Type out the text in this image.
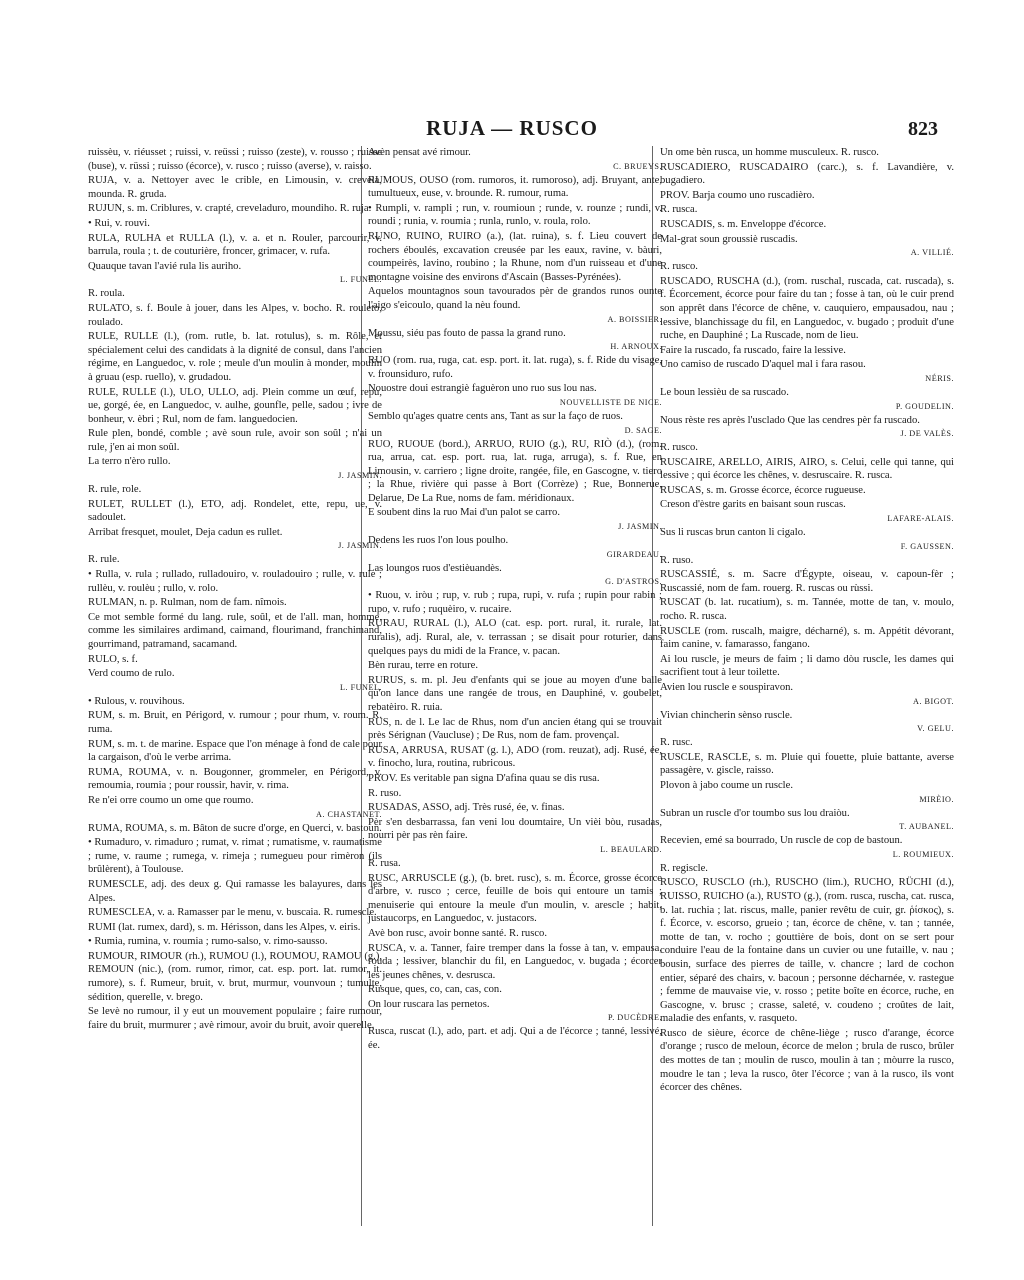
RUJA — RUSCO	823

ruissèu, v. riéusset ; ruissi, v. reüssi ; ruisso (zeste), v. rousso ; ruisse (buse), v. rüssi ; ruisso (écorce), v. rusco ; ruisso (averse), v. raisso.

RUJA, v. a. Nettoyer avec le crible, en Limousin, v. crevela, mounda. R. gruda.

RUJUN, s. m. Criblures, v. crapté, creveladuro, moundiho. R. ruja.

• Rui, v. rouvi.

RULA, RULHA et RULLA (l.), v. a. et n. Rouler, parcourir, v. barrula, roula ; t. de couturière, froncer, grimacer, v. rufa.

Quauque tavan l'avié rula lis auriho.

L. FUNEL.

R. roula.

RULATO, s. f. Boule à jouer, dans les Alpes, v. bocho. R. rouleto, roulado.

RULE, RULLE (l.), (rom. rutle, b. lat. rotulus), s. m. Rôle, et spécialement celui des candidats à la dignité de consul, dans l'ancien régime, en Languedoc, v. role ; meule d'un moulin à monder, moulin à gruau (esp. ruello), v. grudadou.

RULE, RULLE (l.), ULO, ULLO, adj. Plein comme un œuf, repu, ue, gorgé, ée, en Languedoc, v. aulhe, gounfle, pelle, sadou ; ivre de bonheur, v. èbri ; Rul, nom de fam. languedocien.

Rule plen, bondé, comble ; avè soun rule, avoir son soûl ; n'ai un rule, j'en ai mon soûl.

La terro n'èro rullo.

J. JASMIN.

R. rule, role.

RULET, RULLET (l.), ETO, adj. Rondelet, ette, repu, ue, v. sadoulet.

Arribat fresquet, moulet, Deja cadun es rullet.

J. JASMIN.

R. rule.

• Rulla, v. rula ; rullado, rulladouiro, v. rouladouiro ; rulle, v. rule ; rullèu, v. roulèu ; rullo, v. rolo.

RULMAN, n. p. Rulman, nom de fam. nîmois.

Ce mot semble formé du lang. rule, soûl, et de l'all. man, homme, comme les similaires ardimand, caimand, flourimand, franchimand, gourrimand, patramand, sacamand.

RULO, s. f.

Verd coumo de rulo.

L. FUNEL.

• Rulous, v. rouvihous.

RUM, s. m. Bruit, en Périgord, v. rumour ; pour rhum, v. roum. R. ruma.

RUM, s. m. t. de marine. Espace que l'on ménage à fond de cale pour la cargaison, d'où le verbe arrima.

RUMA, ROUMA, v. n. Bougonner, grommeler, en Périgord, v. remoumia, roumia ; pour roussir, havir, v. rima.

Re n'ei orre coumo un ome que roumo.

A. CHASTANET.

RUMA, ROUMA, s. m. Bâton de sucre d'orge, en Querci, v. bastoun.

• Rumaduro, v. rimaduro ; rumat, v. rimat ; rumatisme, v. raumatisme ; rume, v. raume ; rumega, v. rimeja ; rumegueu pour rimèron (ils brûlèrent), à Toulouse.

RUMESCLE, adj. des deux g. Qui ramasse les balayures, dans les Alpes.

RUMESCLEA, v. a. Ramasser par le menu, v. buscaia. R. rumescle.

RUMI (lat. rumex, dard), s. m. Hérisson, dans les Alpes, v. eiris.

• Rumia, rumina, v. roumia ; rumo-salso, v. rimo-sausso.

RUMOUR, RIMOUR (rh.), RUMOU (l.), ROUMOU, RAMOU (g.), REMOUN (nic.), (rom. rumor, rimor, cat. esp. port. lat. rumor, it. rumore), s. f. Rumeur, bruit, v. brut, murmur, vounvoun ; tumulte, sédition, querelle, v. brego.

Se levè no rumour, il y eut un mouvement populaire ; faire rumour, faire du bruit, murmurer ; avè rimour, avoir du bruit, avoir querelle.

Avèn pensat avé rimour.

C. BRUEYS.

RUMOUS, OUSO (rom. rumoros, it. rumoroso), adj. Bruyant, ante, tumultueux, euse, v. brounde. R. rumour, ruma.

• Rumpli, v. rampli ; run, v. roumioun ; runde, v. rounze ; rundi, v. roundi ; runia, v. roumia ; runla, runlo, v. roula, rolo.

RUNO, RUINO, RUIRO (a.), (lat. ruina), s. f. Lieu couvert de rochers éboulés, excavation creusée par les eaux, ravine, v. bàuri, coumpeirès, lavino, roubino ; la Rhune, nom d'un ruisseau et d'une montagne voisine des environs d'Ascain (Basses-Pyrénées).

Aquelos mountagnos soun tavourados pèr de grandos runos ounte l'aigo s'eicoulo, quand la nèu found.

A. BOISSIER.

Moussu, siéu pas fouto de passa la grand runo.

H. ARNOUX.

RUO (rom. rua, ruga, cat. esp. port. it. lat. ruga), s. f. Ride du visage, v. frounsiduro, rufo.

Nouostre doui estrangiè faguèron uno ruo sus lou nas.

NOUVELLISTE DE NICE.

Semblo qu'ages quatre cents ans, Tant as sur la faço de ruos.

D. SAGE.

RUO, RUOUE (bord.), ARRUO, RUIO (g.), RU, RIÒ (d.), (rom. rua, arrua, cat. esp. port. rua, lat. ruga, arruga), s. f. Rue, en Limousin, v. carriero ; ligne droite, rangée, file, en Gascogne, v. tiero ; la Rhue, rivière qui passe à Bort (Corrèze) ; Rue, Bonnerue, Delarue, De La Rue, noms de fam. méridionaux.

E soubent dins la ruo Mai d'un palot se carro.

J. JASMIN.

Dedens les ruos l'on lous poulho.

GIRARDEAU.

Las loungos ruos d'estièuandès.

G. D'ASTROS.

• Ruou, v. iròu ; rup, v. rub ; rupa, rupi, v. rufa ; rupin pour rabin ; rupo, v. rufo ; ruquèiro, v. rucaire.

RURAU, RURAL (l.), ALO (cat. esp. port. rural, it. rurale, lat. ruralis), adj. Rural, ale, v. terrassan ; se disait pour roturier, dans quelques pays du midi de la France, v. pacan.

Bèn rurau, terre en roture.

RURUS, s. m. pl. Jeu d'enfants qui se joue au moyen d'une balle qu'on lance dans une rangée de trous, en Dauphiné, v. goubelet, rebatèiro. R. ruia.

RUS, n. de l. Le lac de Rhus, nom d'un ancien étang qui se trouvait près Sérignan (Vaucluse) ; De Rus, nom de fam. provençal.

RUSA, ARRUSA, RUSAT (g. l.), ADO (rom. reuzat), adj. Rusé, ée, v. finocho, lura, routina, rubricous.

PROV. Es veritable pan signa D'afina quau se dis rusa.

R. ruso.

RUSADAS, ASSO, adj. Très rusé, ée, v. finas.

Pèr s'en desbarrassa, fan veni lou doumtaire, Un vièi bòu, rusadas, nourri pèr pas rèn faire.

L. BEAULARD.

R. rusa.

RUSC, ARRUSCLE (g.), (b. bret. rusc), s. m. Écorce, grosse écorce d'arbre, v. rusco ; cerce, feuille de bois qui entoure un tamis ; menuiserie qui entoure la meule d'un moulin, v. arescle ; habit, justaucorps, en Languedoc, v. justacors.

Avè bon rusc, avoir bonne santé. R. rusco.

RUSCA, v. a. Tanner, faire tremper dans la fosse à tan, v. empausa, rouda ; lessiver, blanchir du fil, en Languedoc, v. bugada ; écorcer les jeunes chênes, v. desrusca.

Rusque, ques, co, can, cas, con.

On lour ruscara las pernetos.

P. DUCÈDRE.

Rusca, ruscat (l.), ado, part. et adj. Qui a de l'écorce ; tanné, lessivé, ée.

Un ome bèn rusca, un homme musculeux. R. rusco.

RUSCADIERO, RUSCADAIRO (carc.), s. f. Lavandière, v. bugadiero.

PROV. Barja coumo uno ruscadièro.

R. rusca.

RUSCADIS, s. m. Enveloppe d'écorce.

Mal-grat soun groussiè ruscadis.

A. VILLIÉ.

R. rusco.

RUSCADO, RUSCHA (d.), (rom. ruschal, ruscada, cat. ruscada), s. f. Écorcement, écorce pour faire du tan ; fosse à tan, où le cuir prend son apprêt dans l'écorce de chêne, v. cauquiero, empausadou, nau ; lessive, blanchissage du fil, en Languedoc, v. bugado ; produit d'une ruche, en Dauphiné ; La Ruscade, nom de lieu.

Faire la ruscado, fa ruscado, faire la lessive.

Uno camiso de ruscado D'aquel mal i fara rasou.

NÉRIS.

Le boun lessièu de sa ruscado.

P. GOUDELIN.

Nous rèste res après l'usclado Que las cendres pèr fa ruscado.

J. DE VALÈS.

R. rusco.

RUSCAIRE, ARELLO, AIRIS, AIRO, s. Celui, celle qui tanne, qui lessive ; qui écorce les chênes, v. desruscaire. R. rusca.

RUSCAS, s. m. Grosse écorce, écorce rugueuse.

Creson d'èstre garits en baisant soun ruscas.

LAFARE-ALAIS.

Sus li ruscas brun canton li cigalo.

F. GAUSSEN.

R. ruso.

RUSCASSIÉ, s. m. Sacre d'Égypte, oiseau, v. capoun-fèr ; Ruscassié, nom de fam. rouerg. R. ruscas ou rùssi.

RUSCAT (b. lat. rucatium), s. m. Tannée, motte de tan, v. moulo, rocho. R. rusca.

RUSCLE (rom. ruscalh, maigre, décharné), s. m. Appétit dévorant, faim canine, v. famarasso, fangano.

Ai lou ruscle, je meurs de faim ; li damo dòu ruscle, les dames qui sacrifient tout à leur toilette.

Avien lou ruscle e souspiravon.

A. BIGOT.

Vivian chincherin sènso ruscle.

V. GELU.

R. rusc.

RUSCLE, RASCLE, s. m. Pluie qui fouette, pluie battante, averse passagère, v. giscle, raisso.

Plovon à jabo coume un ruscle.

MIRÈIO.

Subran un ruscle d'or toumbo sus lou draiòu.

T. AUBANEL.

Recevien, emé sa bourrado, Un ruscle de cop de bastoun.

L. ROUMIEUX.

R. regiscle.

RUSCO, RUSCLO (rh.), RUSCHO (lim.), RUCHO, RÜCHI (d.), RUISSO, RUICHO (a.), RUSTO (g.), (rom. rusca, ruscha, cat. rusca, b. lat. ruchia ; lat. riscus, malle, panier revêtu de cuir, gr. ῥίσκος), s. f. Écorce, v. escorso, grueio ; tan, écorce de chêne, v. tan ; tannée, motte de tan, v. rocho ; gouttière de bois, dont on se sert pour conduire l'eau de la fontaine dans un cuvier ou une futaille, v. nau ; bousin, surface des pierres de taille, v. chancre ; lard de cochon entier, séparé des chairs, v. bacoun ; personne décharnée, v. rastegue ; femme de mauvaise vie, v. rosso ; petite boîte en écorce, ruche, en Gascogne, v. brusc ; crasse, saleté, v. coudeno ; croûtes de lait, maladie des enfants, v. rasqueto.

Rusco de sièure, écorce de chêne-liège ; rusco d'arange, écorce d'orange ; rusco de meloun, écorce de melon ; brula de rusco, brûler des mottes de tan ; moulin de rusco, moulin à tan ; mòurre la rusco, moudre le tan ; leva la rusco, ôter l'écorce ; van à la rusco, ils vont écorcer des chênes.
